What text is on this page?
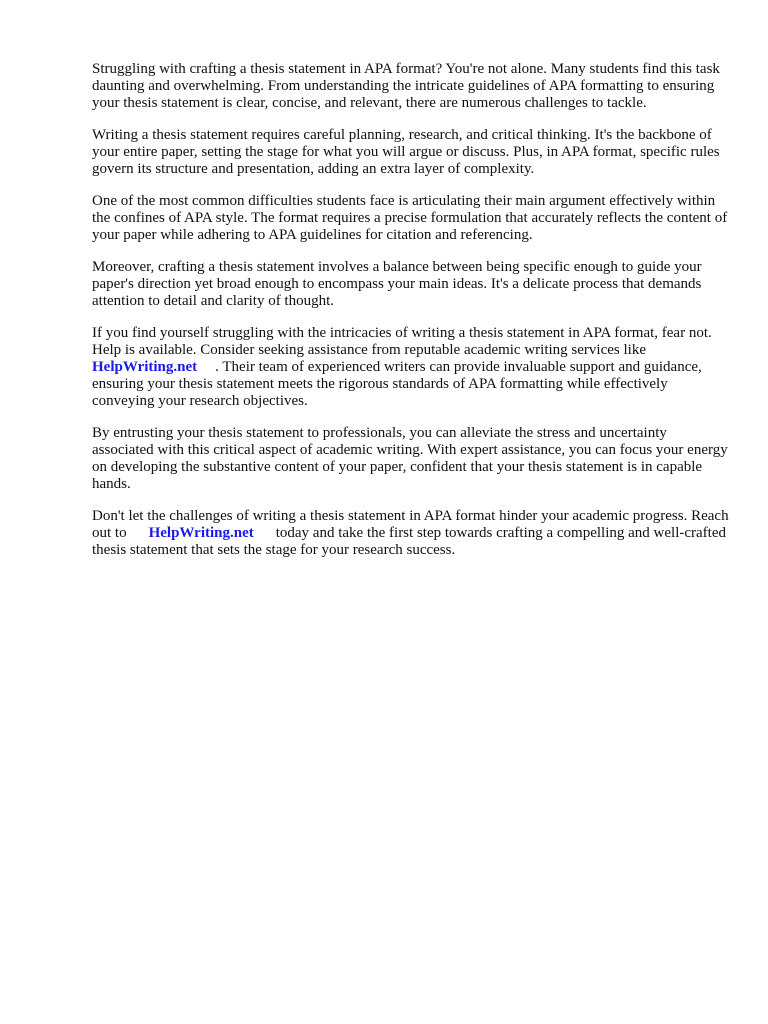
Struggling with crafting a thesis statement in APA format? You're not alone. Many students find this task daunting and overwhelming. From understanding the intricate guidelines of APA formatting to ensuring your thesis statement is clear, concise, and relevant, there are numerous challenges to tackle.

Writing a thesis statement requires careful planning, research, and critical thinking. It's the backbone of your entire paper, setting the stage for what you will argue or discuss. Plus, in APA format, specific rules govern its structure and presentation, adding an extra layer of complexity.

One of the most common difficulties students face is articulating their main argument effectively within the confines of APA style. The format requires a precise formulation that accurately reflects the content of your paper while adhering to APA guidelines for citation and referencing.

Moreover, crafting a thesis statement involves a balance between being specific enough to guide your paper's direction yet broad enough to encompass your main ideas. It's a delicate process that demands attention to detail and clarity of thought.

If you find yourself struggling with the intricacies of writing a thesis statement in APA format, fear not. Help is available. Consider seeking assistance from reputable academic writing services like
HelpWriting.net . Their team of experienced writers can provide invaluable support and guidance, ensuring your thesis statement meets the rigorous standards of APA formatting while effectively conveying your research objectives.

By entrusting your thesis statement to professionals, you can alleviate the stress and uncertainty associated with this critical aspect of academic writing. With expert assistance, you can focus your energy on developing the substantive content of your paper, confident that your thesis statement is in capable hands.

Don't let the challenges of writing a thesis statement in APA format hinder your academic progress. Reach out to HelpWriting.net today and take the first step towards crafting a compelling and well-crafted thesis statement that sets the stage for your research success.
